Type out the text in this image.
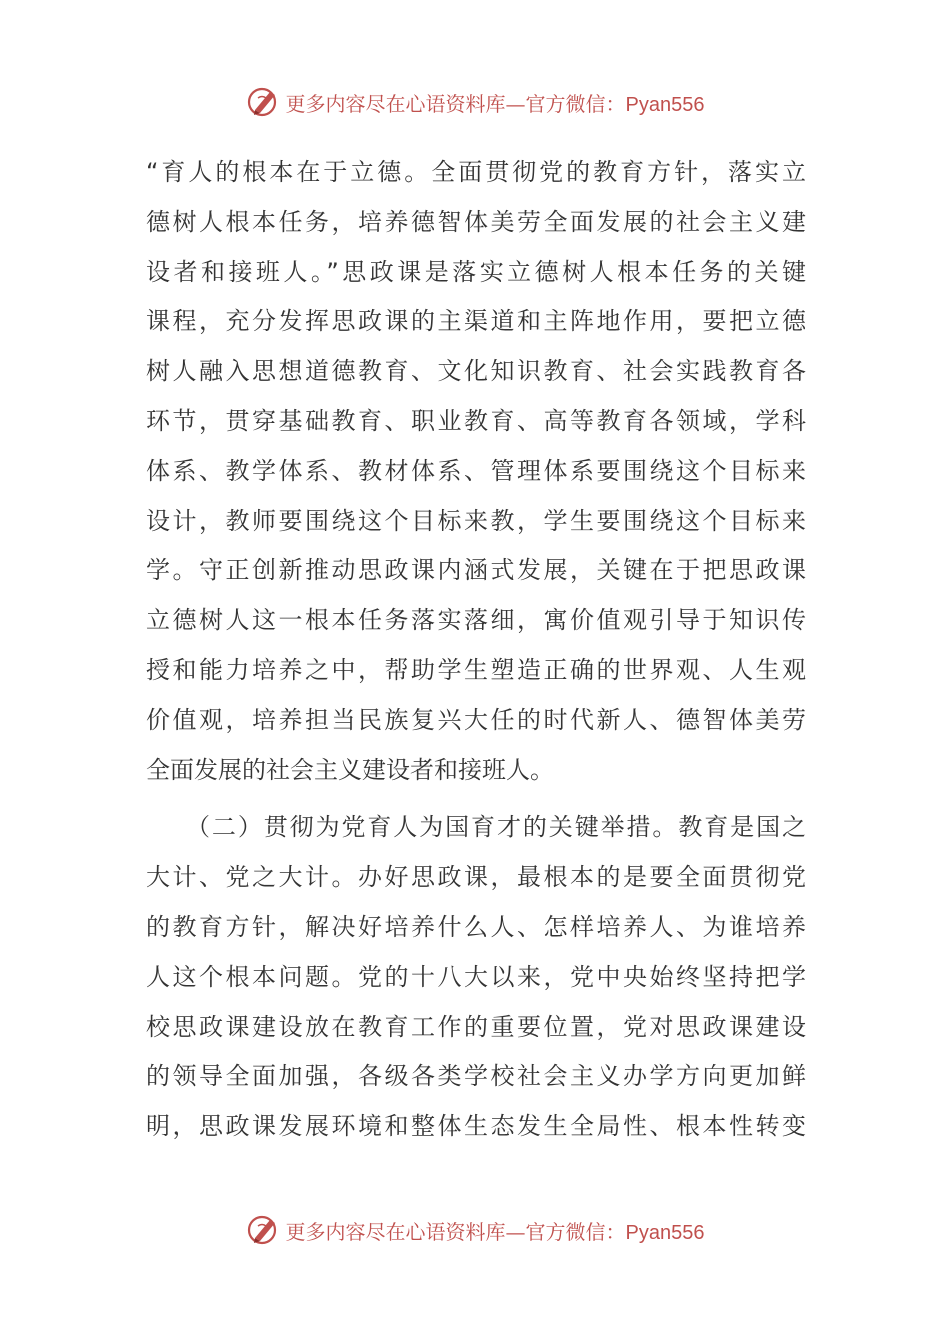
更多内容尽在心语资料库—官方微信：Pyan556
“育人的根本在于立德。全面贯彻党的教育方针，落实立
德树人根本任务，培养德智体美劳全面发展的社会主义建
设者和接班人。”思政课是落实立德树人根本任务的关键
课程，充分发挥思政课的主渠道和主阵地作用，要把立德
树人融入思想道德教育、文化知识教育、社会实践教育各
环节，贯穿基础教育、职业教育、高等教育各领域，学科
体系、教学体系、教材体系、管理体系要围绕这个目标来
设计，教师要围绕这个目标来教，学生要围绕这个目标来
学。守正创新推动思政课内涵式发展，关键在于把思政课
立德树人这一根本任务落实落细，寓价值观引导于知识传
授和能力培养之中，帮助学生塑造正确的世界观、人生观
价值观，培养担当民族复兴大任的时代新人、德智体美劳
全面发展的社会主义建设者和接班人。
（二）贯彻为党育人为国育才的关键举措。教育是国之
大计、党之大计。办好思政课，最根本的是要全面贯彻党
的教育方针，解决好培养什么人、怎样培养人、为谁培养
人这个根本问题。党的十八大以来，党中央始终坚持把学
校思政课建设放在教育工作的重要位置，党对思政课建设
的领导全面加强，各级各类学校社会主义办学方向更加鲜
明，思政课发展环境和整体生态发生全局性、根本性转变
更多内容尽在心语资料库—官方微信：Pyan556
